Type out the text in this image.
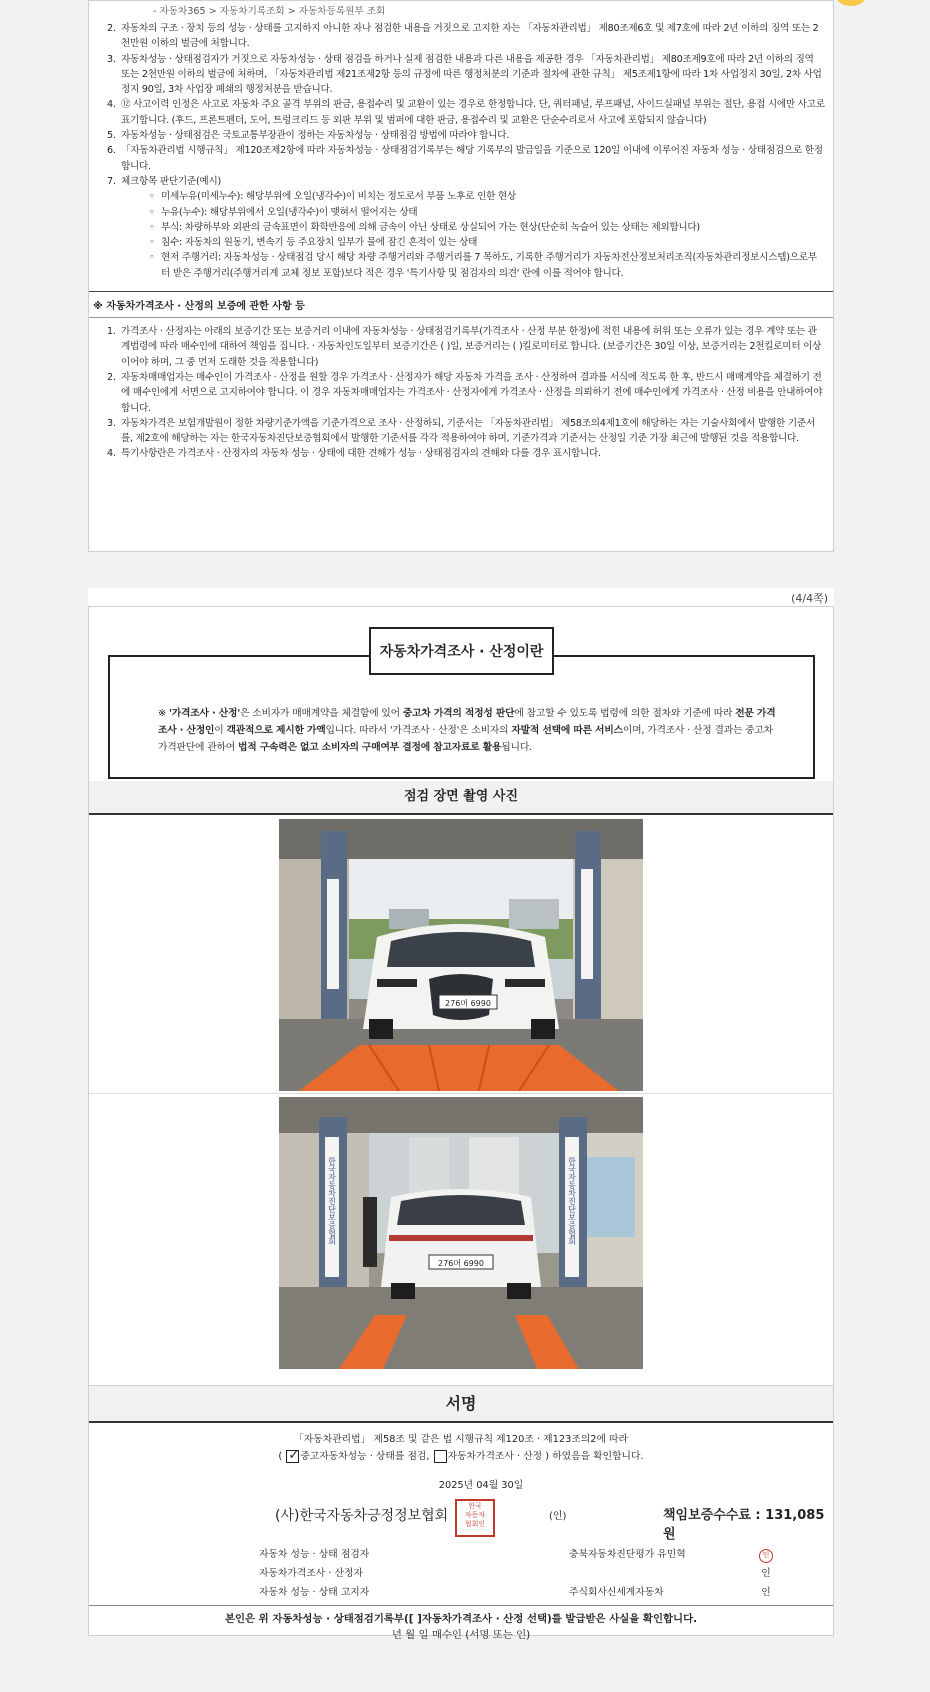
- 자동차365 > 자동차기록조회 > 자동차등록원부 조회
2. 자동차의 구조 · 장치 등의 성능 · 상태를 고지하지 아니한 자나 점검한 내용을 거짓으로 고지한 자는 「자동차관리법」 제80조제6호 및 제7호에 따라 2년 이하의 징역 또는 2천만원 이하의 벌금에 처합니다.
3. 자동차성능 · 상태점검자가 거짓으로 자동차성능 · 상태 점검을 하거나 실제 점검한 내용과 다른 내용을 제공한 경우 「자동차관리법」 제80조제9호에 따라 2년 이하의 징역 또는 2천만원 이하의 벌금에 처하며, 「자동차관리법 제21조제2항 등의 규정에 따른 행정처분의 기준과 절차에 관한 규칙」 제5조제1항에 따라 1차 사업정지 30일, 2차 사업정지 90일, 3차 사업장 폐쇄의 행정처분을 받습니다.
4. ⑫ 사고이력 인정은 사고로 자동차 주요 골격 부위의 판금, 용접수리 및 교환이 있는 경우로 한정합니다. 단, 쿼터패널, 루프패널, 사이드실패널 부위는 절단, 용접 시에만 사고로 표기합니다. (후드, 프론트펜더, 도어, 트렁크리드 등 외판 부위 및 범퍼에 대한 판금, 용접수리 및 교환은 단순수리로서 사고에 포함되지 않습니다)
5. 자동차성능 · 상태점검은 국토교통부장관이 정하는 자동차성능 · 상태점검 방법에 따라야 합니다.
6. 「자동차관리법 시행규칙」 제120조제2항에 따라 자동차성능 · 상태점검기록부는 해당 기록부의 발급일을 기준으로 120일 이내에 이루어진 자동차 성능 · 상태점검으로 한정합니다.
7. 체크항목 판단기준(예시)
◦ 미세누유(미세누수): 해당부위에 오일(냉각수)이 비치는 정도로서 부품 노후로 인한 현상
◦ 누유(누수): 해당부위에서 오일(냉각수)이 맺혀서 떨어지는 상태
◦ 부식: 차량하부와 외판의 금속표면이 화학반응에 의해 금속이 아닌 상태로 상실되어 가는 현상(단순히 녹슬어 있는 상태는 제외합니다)
◦ 침수: 자동차의 원동기, 변속기 등 주요장치 일부가 물에 잠긴 흔적이 있는 상태
◦ 현저 주행거리: 자동차성능 · 상태점검 당시 해당 차량 주행거리와 주행거리를 7 목하도, 기록한 주행거리가 자동차전산정보처리조직(자동차관리정보시스템)으로부터 받은 주행거리(주행거리계 교체 정보 포함)보다 적은 경우 '특기사항 및 점검자의 의견' 란에 이를 적어야 합니다.
※ 자동차가격조사 · 산정의 보증에 관한 사항 등
1. 가격조사 · 산정자는 아래의 보증기간 또는 보증거리 이내에 자동차성능 · 상태점검기록부(가격조사 · 산정 부분 한정)에 적힌 내용에 허위 또는 오류가 있는 경우 계약 또는 관계법령에 따라 매수인에 대하여 책임을 집니다. · 자동차인도일부터 보증기간은 ( )일, 보증거리는 ( )킬로미터로 합니다. (보증기간은 30일 이상, 보증거리는 2천킬로미터 이상이어야 하며, 그 중 먼저 도래한 것을 적용합니다)
2. 자동차매매업자는 매수인이 가격조사 · 산정을 원할 경우 가격조사 · 산정자가 해당 자동차 가격을 조사 · 산정하여 결과를 서식에 적도록 한 후, 반드시 매매계약을 체결하기 전에 매수인에게 서면으로 고지하여야 합니다. 이 경우 자동차매매업자는 가격조사 · 산정자에게 가격조사 · 산정을 의뢰하기 전에 매수인에게 가격조사 · 산정 비용을 안내하여야 합니다.
3. 자동차가격은 보험개발원이 정한 차량기준가액을 기준가격으로 조사 · 산정하되, 기준서는 「자동차관리법」 제58조의4제1호에 해당하는 자는 기술사회에서 발행한 기준서를, 제2호에 해당하는 자는 한국자동차진단보증협회에서 발행한 기준서를 각각 적용하여야 하며, 기준가격과 기준서는 산정일 기준 가장 최근에 발행된 것을 적용합니다.
4. 특기사항란은 가격조사 · 산정자의 자동차 성능 · 상태에 대한 견해가 성능 · 상태점검자의 견해와 다를 경우 표시합니다.
(4/4쪽)
자동차가격조사 · 산정이란
※ '가격조사 · 산정'은 소비자가 매매계약을 체결함에 있어 중고차 가격의 적정성 판단에 참고할 수 있도록 법령에 의한 절차와 기준에 따라 전문 가격조사 · 산정인이 객관적으로 제시한 가액입니다. 따라서 '가격조사 · 산정'은 소비자의 자발적 선택에 따른 서비스이며, 가격조사 · 산정 결과는 중고차 가격판단에 관하여 법적 구속력은 없고 소비자의 구매여부 결정에 참고자료로 활용됩니다.
점검 장면 촬영 사진
276머 6990
한국자동차진단보증협회	한국자동차진단보증협회
276머 6990
서명
「자동차관리법」 제58조 및 같은 법 시행규칙 제120조 · 제123조의2에 따라
( ✓ 중고자동차성능 · 상태를 점검, 자동차가격조사 · 산정 ) 하였음을 확인합니다.
2025년 04월 30일
(사)한국자동차긍정정보협회
한국
자동차
협회인
(인)	책임보증수수료 : 131,085원
자동차 성능 · 상태 점검자
자동차가격조사 · 산정자
자동차 성능 · 상태 고지자
충북자동차진단평가 유민혁

주식회사신세계자동차
인
인
인
본인은 위 자동차성능 · 상태점검기록부([ ]자동차가격조사 · 산정 선택)를 발급받은 사실을 확인합니다.
년 월 일 매수인 (서명 또는 인)
